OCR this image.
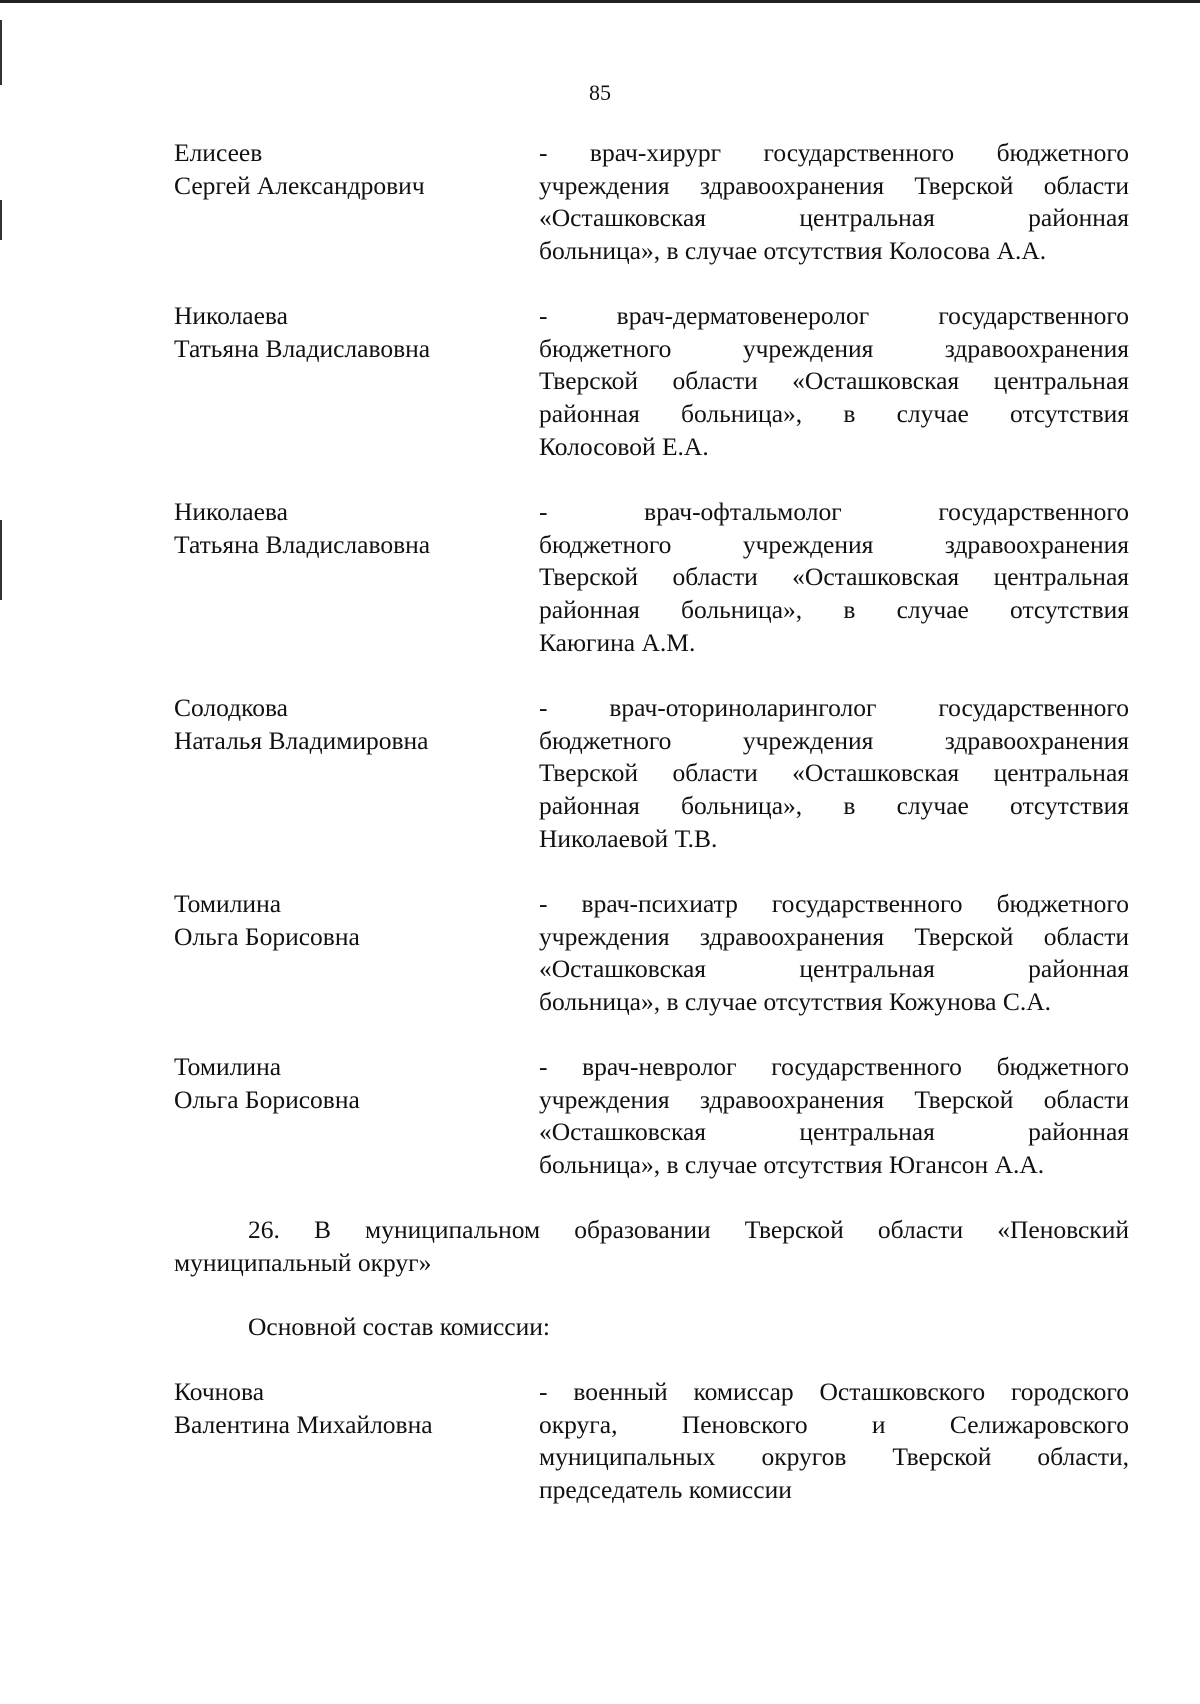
85
Елисеев
Сергей Александрович
- врач-хирург государственного бюджетного
учреждения здравоохранения Тверской области
«Осташковская центральная районная
больница», в случае отсутствия Колосова А.А.
Николаева
Татьяна Владиславовна
- врач-дерматовенеролог государственного
бюджетного учреждения здравоохранения
Тверской области «Осташковская центральная
районная больница», в случае отсутствия
Колосовой Е.А.
Николаева
Татьяна Владиславовна
- врач-офтальмолог государственного
бюджетного учреждения здравоохранения
Тверской области «Осташковская центральная
районная больница», в случае отсутствия
Каюгина А.М.
Солодкова
Наталья Владимировна
- врач-оториноларинголог государственного
бюджетного учреждения здравоохранения
Тверской области «Осташковская центральная
районная больница», в случае отсутствия
Николаевой Т.В.
Томилина
Ольга Борисовна
- врач-психиатр государственного бюджетного
учреждения здравоохранения Тверской области
«Осташковская центральная районная
больница», в случае отсутствия Кожунова С.А.
Томилина
Ольга Борисовна
- врач-невролог государственного бюджетного
учреждения здравоохранения Тверской области
«Осташковская центральная районная
больница», в случае отсутствия Югансон А.А.
26. В муниципальном образовании Тверской области «Пеновский
муниципальный округ»
Основной состав комиссии:
Кочнова
Валентина Михайловна
- военный комиссар Осташковского городского
округа, Пеновского и Селижаровского
муниципальных округов Тверской области,
председатель комиссии
